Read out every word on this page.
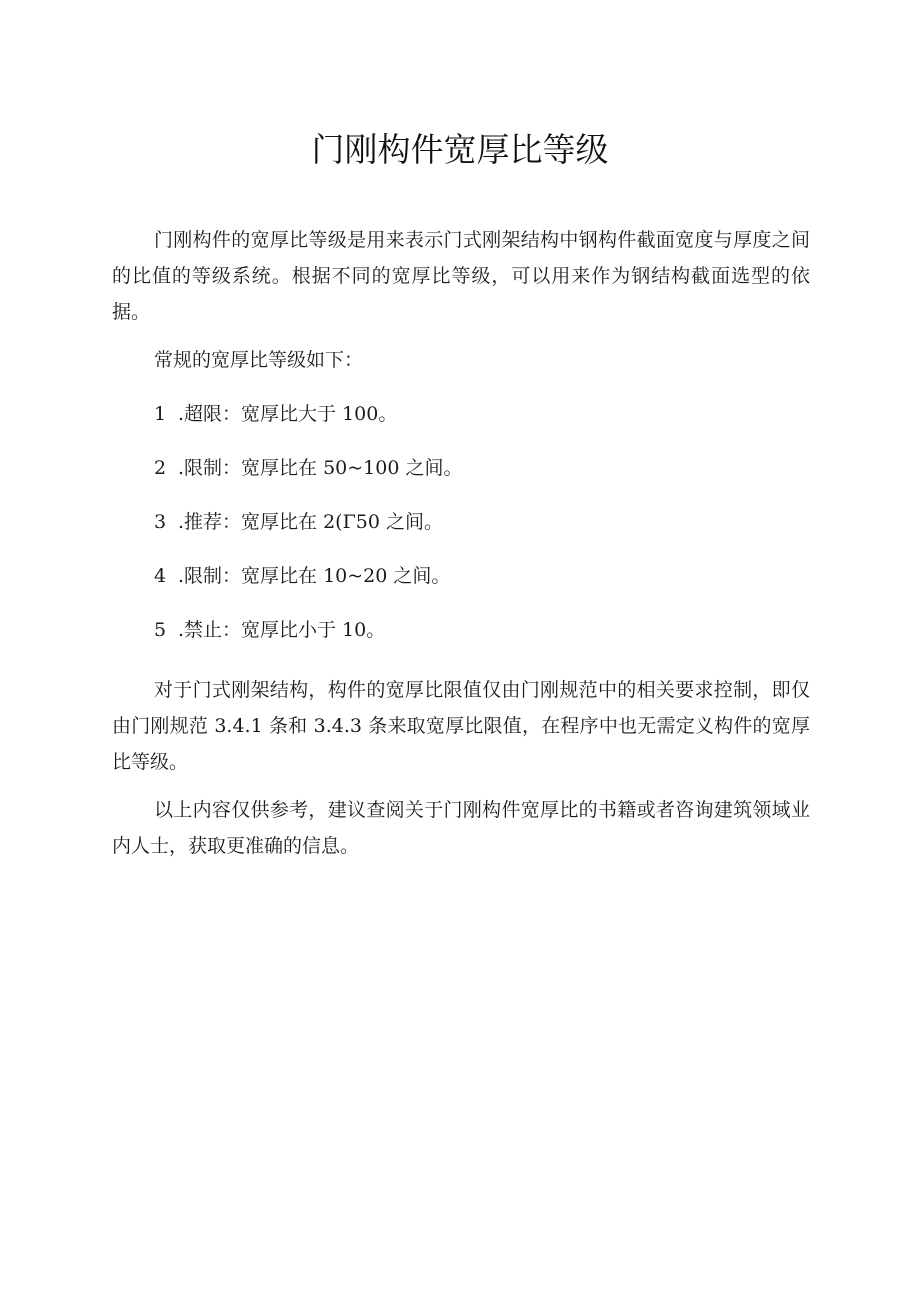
门刚构件宽厚比等级

门刚构件的宽厚比等级是用来表示门式刚架结构中钢构件截面宽度与厚度之间的比值的等级系统。根据不同的宽厚比等级，可以用来作为钢结构截面选型的依据。

常规的宽厚比等级如下：

1 .超限：宽厚比大于 100。
2 .限制：宽厚比在 50~100 之间。
3 .推荐：宽厚比在 2(Γ50 之间。
4 .限制：宽厚比在 10~20 之间。
5 .禁止：宽厚比小于 10。

对于门式刚架结构，构件的宽厚比限值仅由门刚规范中的相关要求控制，即仅由门刚规范 3.4.1 条和 3.4.3 条来取宽厚比限值，在程序中也无需定义构件的宽厚比等级。

以上内容仅供参考，建议查阅关于门刚构件宽厚比的书籍或者咨询建筑领域业内人士，获取更准确的信息。
